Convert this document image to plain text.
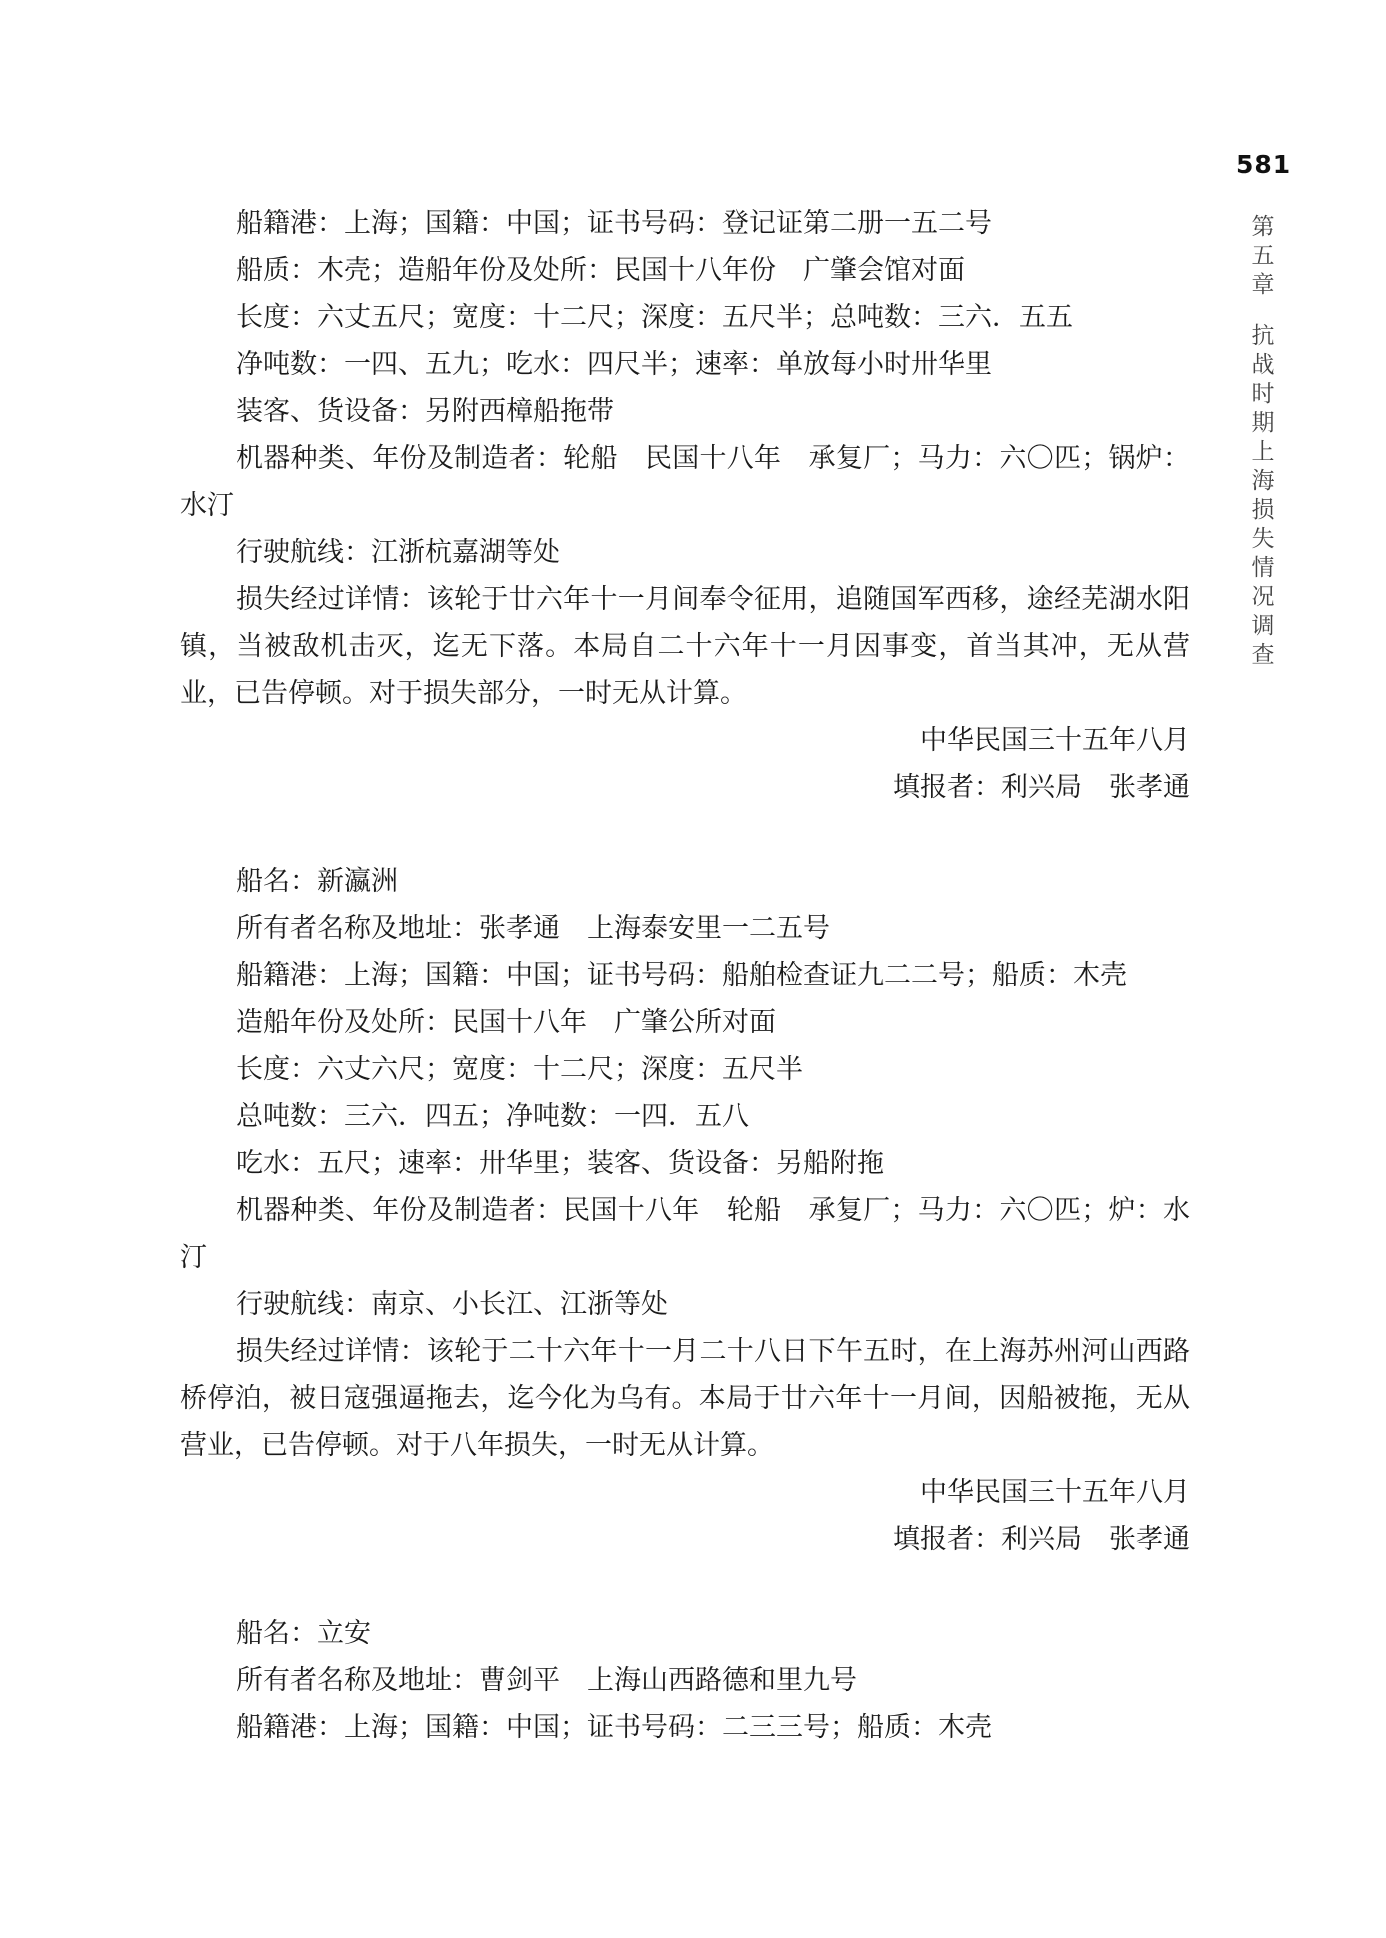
581
第
五
章
抗
战
时
期
上
海
损
失
情
况
调
查

船籍港：上海；国籍：中国；证书号码：登记证第二册一五二号

船质：木壳；造船年份及处所：民国十八年份　广肇会馆对面

长度：六丈五尺；宽度：十二尺；深度：五尺半；总吨数：三六．五五

净吨数：一四、五九；吃水：四尺半；速率：单放每小时卅华里

装客、货设备：另附西樟船拖带

机器种类、年份及制造者：轮船　民国十八年　承复厂；马力：六〇匹；锅炉：水汀

行驶航线：江浙杭嘉湖等处

损失经过详情：该轮于廿六年十一月间奉令征用，追随国军西移，途经芜湖水阳镇，当被敌机击灭，迄无下落。本局自二十六年十一月因事变，首当其冲，无从营业，已告停顿。对于损失部分，一时无从计算。

中华民国三十五年八月

填报者：利兴局　张孝通

船名：新瀛洲

所有者名称及地址：张孝通　上海泰安里一二五号

船籍港：上海；国籍：中国；证书号码：船舶检查证九二二号；船质：木壳

造船年份及处所：民国十八年　广肇公所对面

长度：六丈六尺；宽度：十二尺；深度：五尺半

总吨数：三六．四五；净吨数：一四．五八

吃水：五尺；速率：卅华里；装客、货设备：另船附拖

机器种类、年份及制造者：民国十八年　轮船　承复厂；马力：六〇匹；炉：水汀

行驶航线：南京、小长江、江浙等处

损失经过详情：该轮于二十六年十一月二十八日下午五时，在上海苏州河山西路桥停泊，被日寇强逼拖去，迄今化为乌有。本局于廿六年十一月间，因船被拖，无从营业，已告停顿。对于八年损失，一时无从计算。

中华民国三十五年八月

填报者：利兴局　张孝通

船名：立安

所有者名称及地址：曹剑平　上海山西路德和里九号

船籍港：上海；国籍：中国；证书号码：二三三号；船质：木壳
